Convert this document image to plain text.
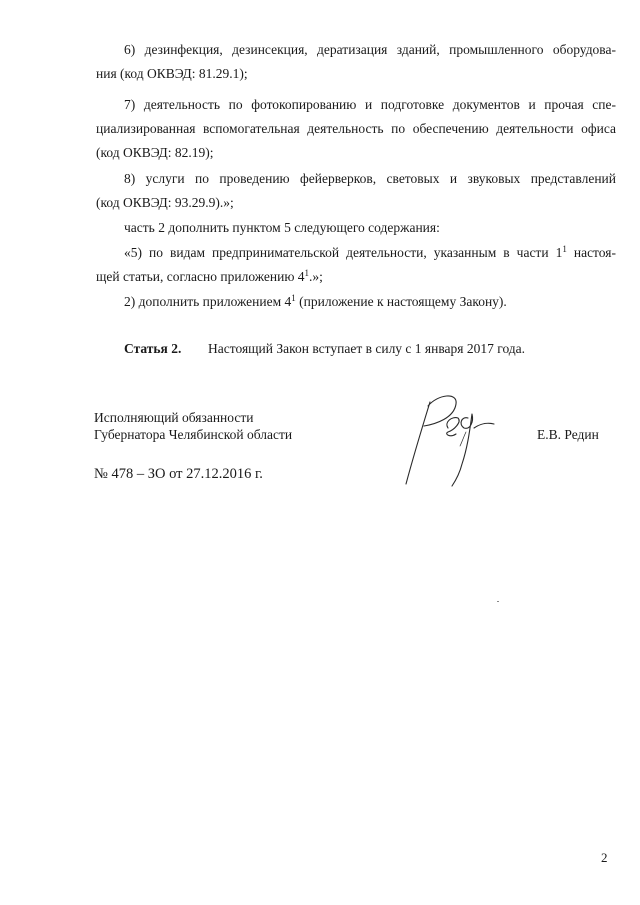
6) дезинфекция, дезинсекция, дератизация зданий, промышленного оборудова-
ния (код ОКВЭД: 81.29.1);
7) деятельность по фотокопированию и подготовке документов и прочая спе-
циализированная вспомогательная деятельность по обеспечению деятельности офиса
(код ОКВЭД: 82.19);
8) услуги по проведению фейерверков, световых и звуковых представлений
(код ОКВЭД: 93.29.9).»;
часть 2 дополнить пунктом 5 следующего содержания:
«5) по видам предпринимательской деятельности, указанным в части $1^1$ настоя-
щей статьи, согласно приложению $4^1$.»;
2) дополнить приложением $4^1$ (приложение к настоящему Закону).
Статья 2. Настоящий Закон вступает в силу с 1 января 2017 года.
Исполняющий обязанности
Губернатора Челябинской области	Е.В. Редин
№ 478 – ЗО от 27.12.2016 г.
2
